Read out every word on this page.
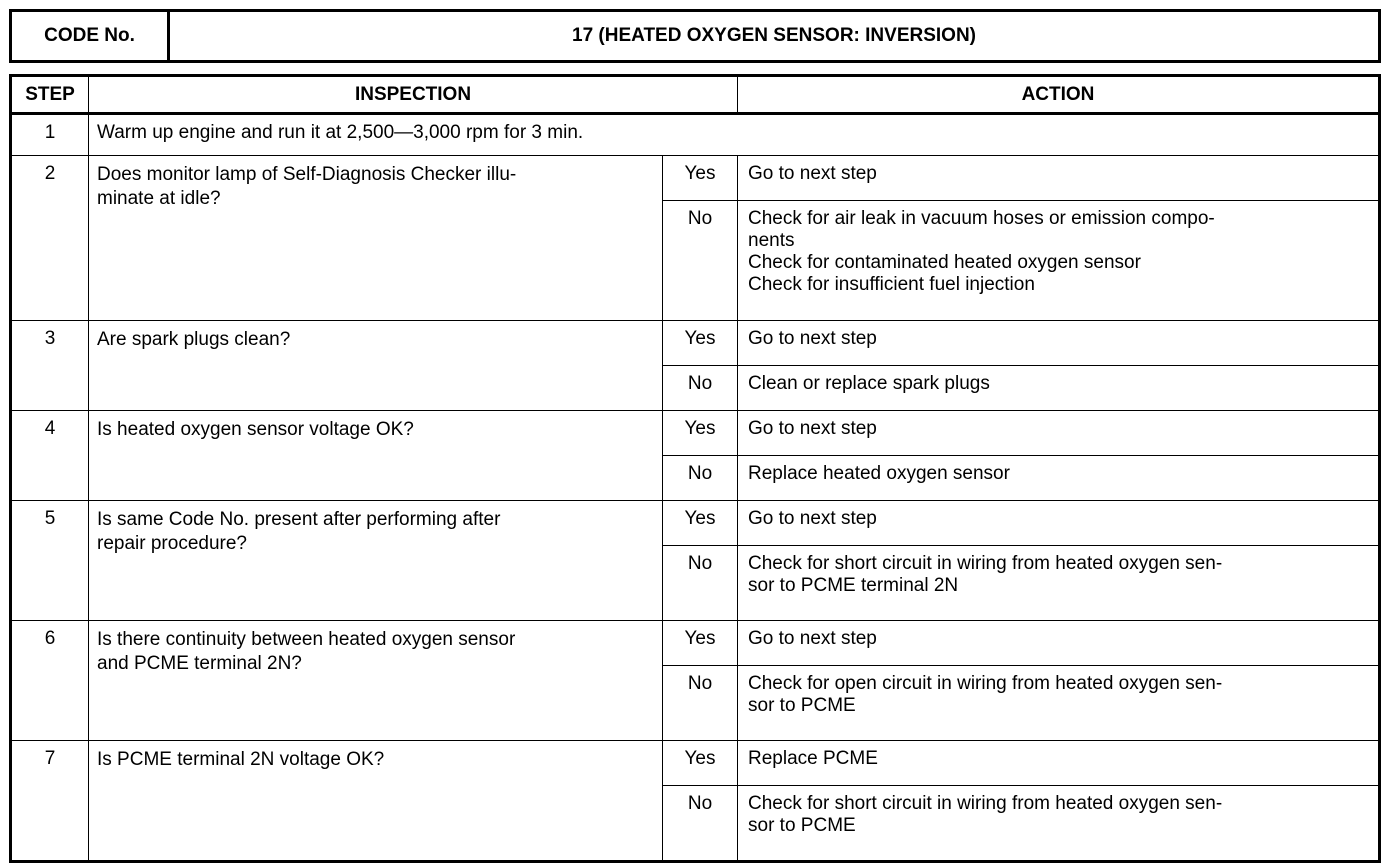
CODE No.	17 (HEATED OXYGEN SENSOR: INVERSION)
STEP	INSPECTION		ACTION
1	Warm up engine and run it at 2,500—3,000 rpm for 3 min.		
2	Does monitor lamp of Self-Diagnosis Checker illu-
minate at idle?	Yes	Go to next step

		No	Check for air leak in vacuum hoses or emission compo-
nents
Check for contaminated heated oxygen sensor
Check for insufficient fuel injection

3	Are spark plugs clean?	Yes	Go to next step

		No	Clean or replace spark plugs

4	Is heated oxygen sensor voltage OK?	Yes	Go to next step

		No	Replace heated oxygen sensor

5	Is same Code No. present after performing after
repair procedure?	Yes	Go to next step

		No	Check for short circuit in wiring from heated oxygen sen-
sor to PCME terminal 2N

6	Is there continuity between heated oxygen sensor
and PCME terminal 2N?	Yes	Go to next step

		No	Check for open circuit in wiring from heated oxygen sen-
sor to PCME

7	Is PCME terminal 2N voltage OK?	Yes	Replace PCME

		No	Check for short circuit in wiring from heated oxygen sen-
sor to PCME
